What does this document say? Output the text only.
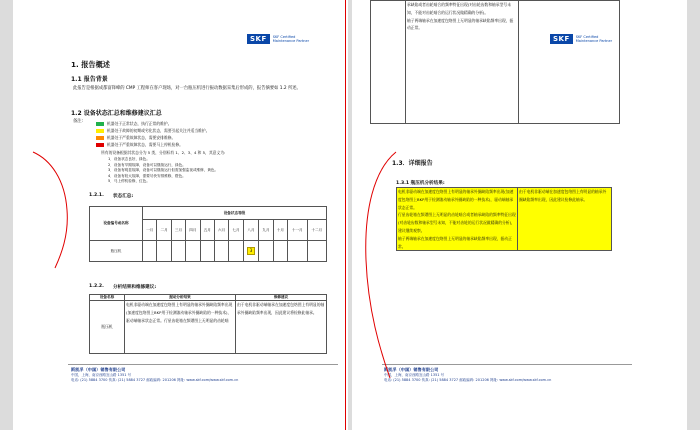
SKF	SKF Certified Maintenance Partner
1. 报告概述
1.1 报告背景
此报告是根据成都富锋峰的 CMP 工程师在客户现场，对一台瓶压机进行振动数据采集后形成的，报告摘要如 1.2 所述。
1.2 设备状态汇总和维修建议汇总
备注:	机器处于正常状态，执行正常的维护。
机器处于故障的初期或劣化状态，需要引起关注并适当维护。
机器处于严重故障状态，需要安排维修。
机器处于严重故障状态，需要马上停机检修。
所有的设备根据其状态分为 5 类，分别标有 1、2、3、4 和 5，其意义为:
1．设备状态良好，绿色。
2．设备有早期故障，设备可以继续运行，绿色。
3．设备有明显故障，设备可以继续运行但需加强监视或维修，黄色。
4．设备有较大故障，需要尽快安排维修，橙色。
5．马上停机检修，红色。
1.2.1. 状态汇总:
设备编号或名称	设备状态等级											
	一月	二月	三月	四月	五月	六月	七月	八月	九月	十月	十一月	十二月
瓶压机								3				
1.2.2. 分析结果和维修建议:
设备名称	振动分析结果	维修建议
瓶压机	电机非驱动端在加速度包络图上有明显的轴承外圈缺陷频率出现(加速度包络图上BKP用于检测滚动轴承外圈缺陷的一种技术)，驱动端轴承状态正常。行星齿轮箱在频谱图上无明显的齿轮啮	由于电机非驱动端轴承在加速度包络图上有明显的轴承外圈缺陷频率出现，因此建议将检修此轴承。
斯凯孚（中国）销售有限公司
中国，上海，南京西路宜山路 1351 号
电话: (21) 5884 3700 传真: (21) 5884 3727 邮政编码: 201206 网址: www.skf.com/www.skf.com.cn
SKF	SKF Certified Maintenance Partner

承缺陷或者齿轮啮合的频率特征出现(对齿轮齿数和轴承型号未知，不能对齿轮啮合的运行状况做精确的分析)。
轴子两端轴承在加速度包络图上无明显的轴承缺陷频率出现，振动正常。

1.3．详细报告
1.3.1 瓶压机分析结果:
电机非驱动端在加速度包络图上有明显的轴承外圈缺陷频率出现(加速度包络图上BKP用于检测滚动轴承外圈缺陷的一种技术)，驱动端轴承状态正常。
行星齿轮箱在频谱图上无明显的齿轮啮合或者轴承缺陷的频率特征出现(对齿轮齿数和轴承型号未知，不能对齿轮的运行状况做精确的分析)，建议继续观察。
轴子两端轴承在加速度包络图上无明显的轴承缺陷频率出现，振动正常。
	由于电机非驱动端在加速度包络图上有明显的轴承外圈缺陷频率出现，因此建议检修此轴承。
斯凯孚（中国）销售有限公司
中国，上海，南京西路宜山路 1351 号
电话: (21) 5884 3700 传真: (21) 5884 3727 邮政编码: 201206 网址: www.skf.com/www.skf.com.cn
